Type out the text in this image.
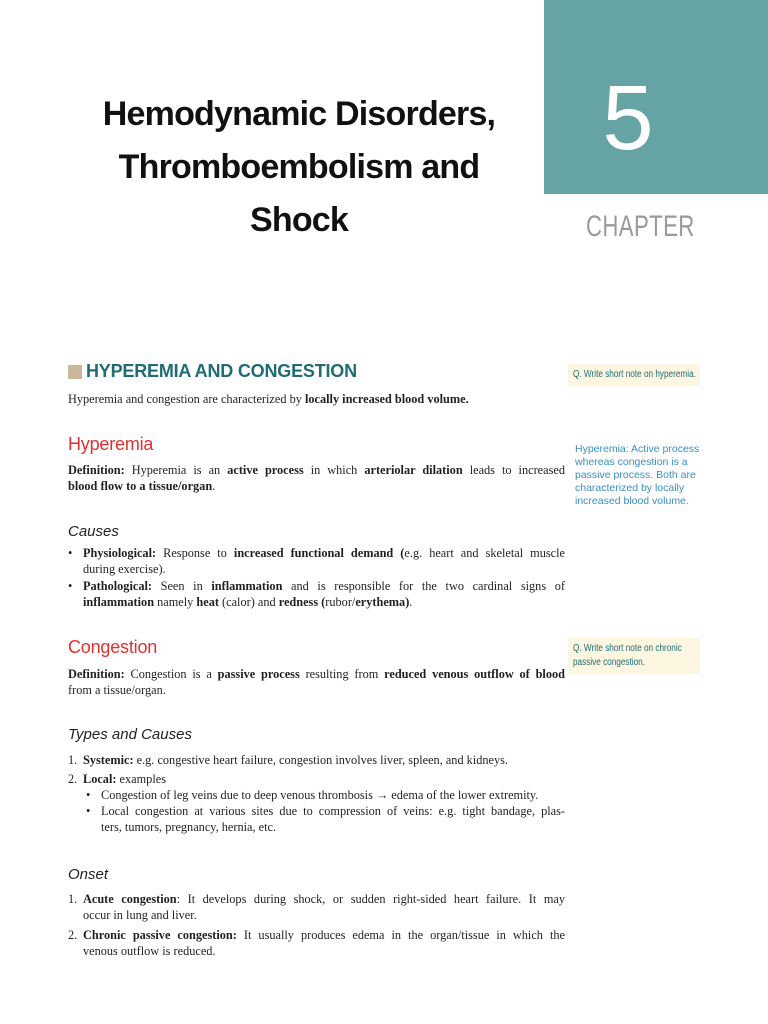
5
CHAPTER
Hemodynamic Disorders,
Thromboembolism and
Shock
HYPEREMIA AND CONGESTION
Hyperemia and congestion are characterized by locally increased blood volume.
Hyperemia
Definition: Hyperemia is an active process in which arteriolar dilation leads to increased
blood flow to a tissue/organ.
Causes
• Physiological: Response to increased functional demand (e.g. heart and skeletal muscle
during exercise).
• Pathological: Seen in inflammation and is responsible for the two cardinal signs of
inflammation namely heat (calor) and redness (rubor/erythema).
Congestion
Definition: Congestion is a passive process resulting from reduced venous outflow of blood
from a tissue/organ.
Types and Causes
1. Systemic: e.g. congestive heart failure, congestion involves liver, spleen, and kidneys.
2. Local: examples
• Congestion of leg veins due to deep venous thrombosis → edema of the lower extremity.
• Local congestion at various sites due to compression of veins: e.g. tight bandage, plas-
ters, tumors, pregnancy, hernia, etc.
Onset
1. Acute congestion: It develops during shock, or sudden right-sided heart failure. It may
occur in lung and liver.
2. Chronic passive congestion: It usually produces edema in the organ/tissue in which the
venous outflow is reduced.
Q. Write short note on hyperemia.
Hyperemia: Active process
whereas congestion is a
passive process. Both are
characterized by locally
increased blood volume.
Q. Write short note on chronic
passive congestion.
